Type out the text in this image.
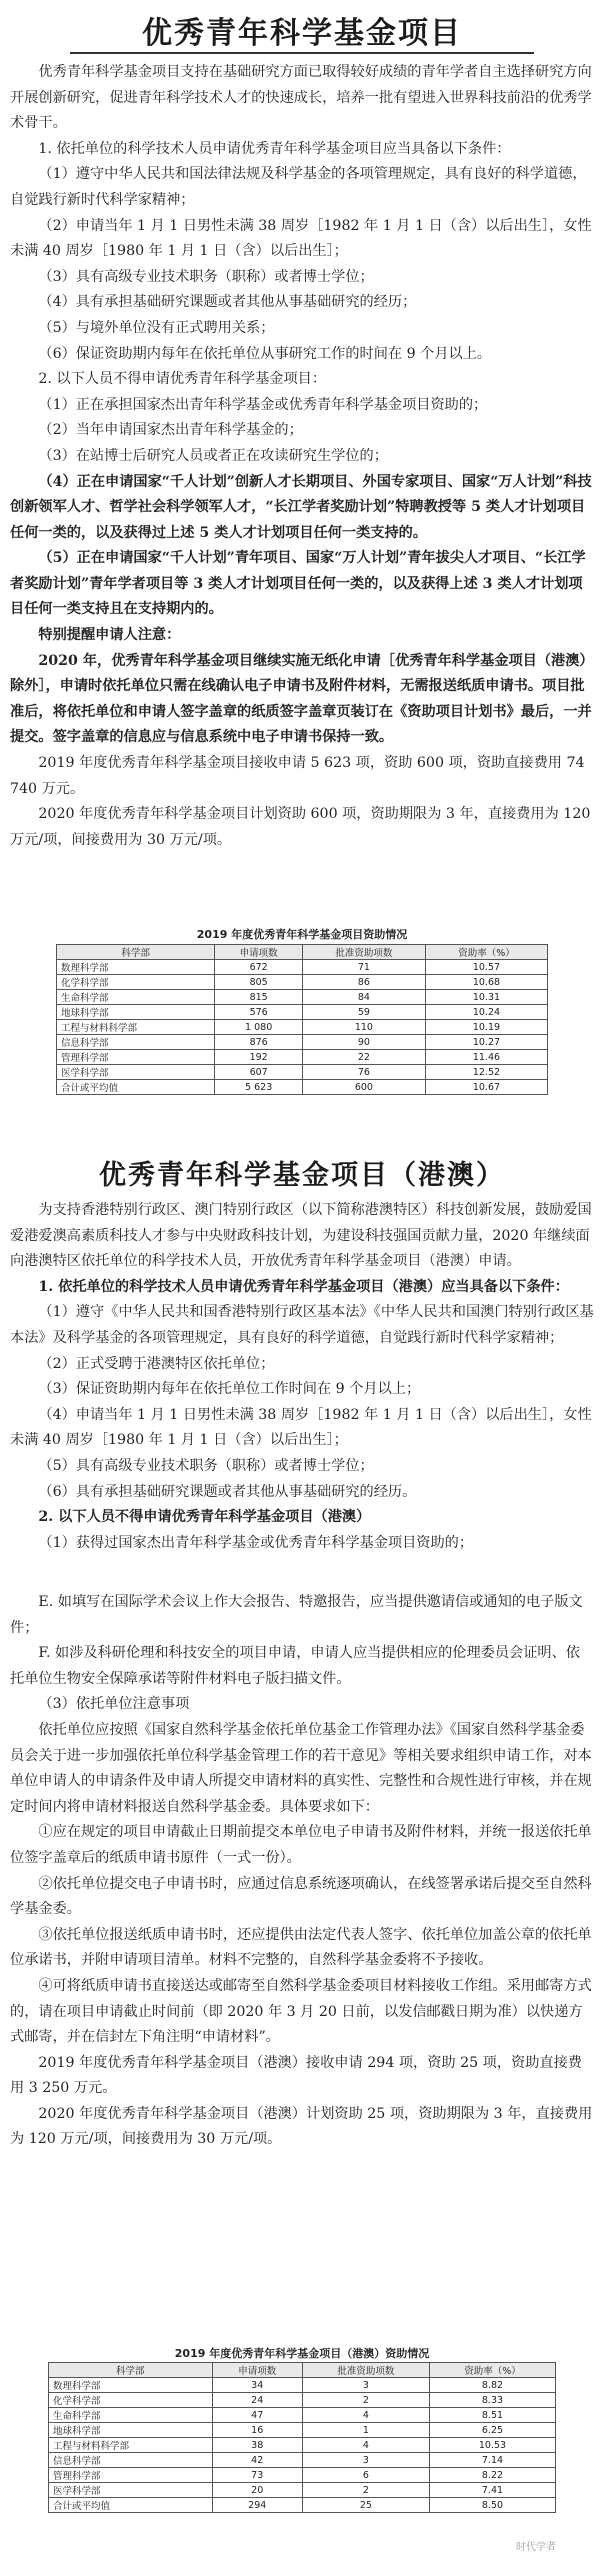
优秀青年科学基金项目

优秀青年科学基金项目支持在基础研究方面已取得较好成绩的青年学者自主选择研究方向开展创新研究，促进青年科学技术人才的快速成长，培养一批有望进入世界科技前沿的优秀学术骨干。

1. 依托单位的科学技术人员申请优秀青年科学基金项目应当具备以下条件：

（1）遵守中华人民共和国法律法规及科学基金的各项管理规定，具有良好的科学道德，自觉践行新时代科学家精神；

（2）申请当年 1 月 1 日男性未满 38 周岁［1982 年 1 月 1 日（含）以后出生］，女性未满 40 周岁［1980 年 1 月 1 日（含）以后出生］；

（3）具有高级专业技术职务（职称）或者博士学位；

（4）具有承担基础研究课题或者其他从事基础研究的经历；

（5）与境外单位没有正式聘用关系；

（6）保证资助期内每年在依托单位从事研究工作的时间在 9 个月以上。

2. 以下人员不得申请优秀青年科学基金项目：

（1）正在承担国家杰出青年科学基金或优秀青年科学基金项目资助的；

（2）当年申请国家杰出青年科学基金的；

（3）在站博士后研究人员或者正在攻读研究生学位的；

（4）正在申请国家“千人计划”创新人才长期项目、外国专家项目、国家“万人计划”科技创新领军人才、哲学社会科学领军人才，“长江学者奖励计划”特聘教授等 5 类人才计划项目任何一类的，以及获得过上述 5 类人才计划项目任何一类支持的。

（5）正在申请国家“千人计划”青年项目、国家“万人计划”青年拔尖人才项目、“长江学者奖励计划”青年学者项目等 3 类人才计划项目任何一类的，以及获得上述 3 类人才计划项目任何一类支持且在支持期内的。

特别提醒申请人注意：

2020 年，优秀青年科学基金项目继续实施无纸化申请［优秀青年科学基金项目（港澳）除外］，申请时依托单位只需在线确认电子申请书及附件材料，无需报送纸质申请书。项目批准后，将依托单位和申请人签字盖章的纸质签字盖章页装订在《资助项目计划书》最后，一并提交。签字盖章的信息应与信息系统中电子申请书保持一致。

2019 年度优秀青年科学基金项目接收申请 5 623 项，资助 600 项，资助直接费用 74 740 万元。

2020 年度优秀青年科学基金项目计划资助 600 项，资助期限为 3 年，直接费用为 120 万元/项，间接费用为 30 万元/项。

2019 年度优秀青年科学基金项目资助情况
科学部	申请项数	批准资助项数	资助率（%）
数理科学部	672	71	10.57
化学科学部	805	86	10.68
生命科学部	815	84	10.31
地球科学部	576	59	10.24
工程与材料科学部	1 080	110	10.19
信息科学部	876	90	10.27
管理科学部	192	22	11.46
医学科学部	607	76	12.52
合计或平均值	5 623	600	10.67
优秀青年科学基金项目（港澳）

为支持香港特别行政区、澳门特别行政区（以下简称港澳特区）科技创新发展，鼓励爱国爱港爱澳高素质科技人才参与中央财政科技计划，为建设科技强国贡献力量，2020 年继续面向港澳特区依托单位的科学技术人员，开放优秀青年科学基金项目（港澳）申请。

1. 依托单位的科学技术人员申请优秀青年科学基金项目（港澳）应当具备以下条件：

（1）遵守《中华人民共和国香港特别行政区基本法》《中华人民共和国澳门特别行政区基本法》及科学基金的各项管理规定，具有良好的科学道德，自觉践行新时代科学家精神；

（2）正式受聘于港澳特区依托单位；

（3）保证资助期内每年在依托单位工作时间在 9 个月以上；

（4）申请当年 1 月 1 日男性未满 38 周岁［1982 年 1 月 1 日（含）以后出生］，女性未满 40 周岁［1980 年 1 月 1 日（含）以后出生］；

（5）具有高级专业技术职务（职称）或者博士学位；

（6）具有承担基础研究课题或者其他从事基础研究的经历。

2. 以下人员不得申请优秀青年科学基金项目（港澳）

（1）获得过国家杰出青年科学基金或优秀青年科学基金项目资助的；

E. 如填写在国际学术会议上作大会报告、特邀报告，应当提供邀请信或通知的电子版文件；

F. 如涉及科研伦理和科技安全的项目申请，申请人应当提供相应的伦理委员会证明、依托单位生物安全保障承诺等附件材料电子版扫描文件。

（3）依托单位注意事项

依托单位应按照《国家自然科学基金依托单位基金工作管理办法》《国家自然科学基金委员会关于进一步加强依托单位科学基金管理工作的若干意见》等相关要求组织申请工作，对本单位申请人的申请条件及申请人所提交申请材料的真实性、完整性和合规性进行审核，并在规定时间内将申请材料报送自然科学基金委。具体要求如下：

①应在规定的项目申请截止日期前提交本单位电子申请书及附件材料，并统一报送依托单位签字盖章后的纸质申请书原件（一式一份）。

②依托单位提交电子申请书时，应通过信息系统逐项确认，在线签署承诺后提交至自然科学基金委。

③依托单位报送纸质申请书时，还应提供由法定代表人签字、依托单位加盖公章的依托单位承诺书，并附申请项目清单。材料不完整的，自然科学基金委将不予接收。

④可将纸质申请书直接送达或邮寄至自然科学基金委项目材料接收工作组。采用邮寄方式的，请在项目申请截止时间前（即 2020 年 3 月 20 日前，以发信邮戳日期为准）以快递方式邮寄，并在信封左下角注明“申请材料”。

2019 年度优秀青年科学基金项目（港澳）接收申请 294 项，资助 25 项，资助直接费用 3 250 万元。

2020 年度优秀青年科学基金项目（港澳）计划资助 25 项，资助期限为 3 年，直接费用为 120 万元/项，间接费用为 30 万元/项。

2019 年度优秀青年科学基金项目（港澳）资助情况
科学部	申请项数	批准资助项数	资助率（%）
数理科学部	34	3	8.82
化学科学部	24	2	8.33
生命科学部	47	4	8.51
地球科学部	16	1	6.25
工程与材料科学部	38	4	10.53
信息科学部	42	3	7.14
管理科学部	73	6	8.22
医学科学部	20	2	7.41
合计或平均值	294	25	8.50
时代学者
